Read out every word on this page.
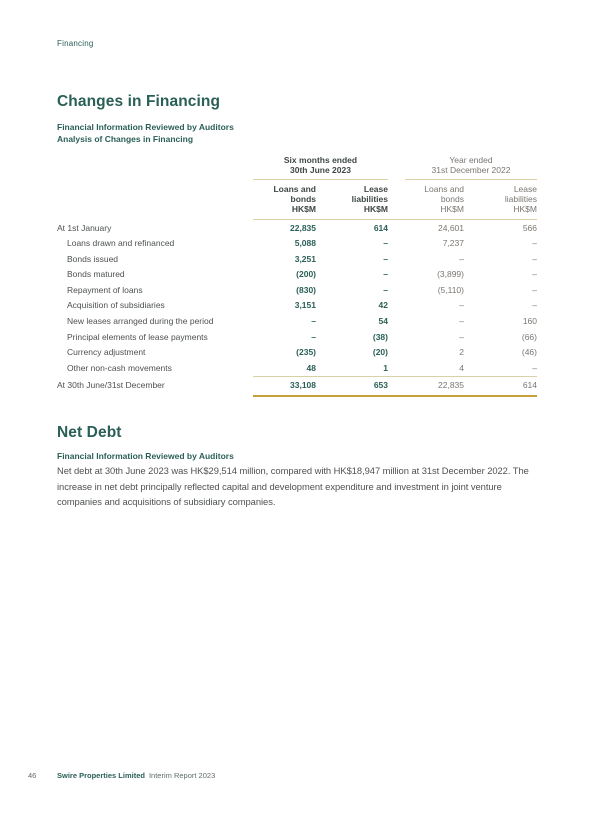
Financing
Changes in Financing
Financial Information Reviewed by Auditors
Analysis of Changes in Financing
Six months ended
30th June 2023
Year ended
31st December 2022
Loans and
bonds
HK$M
Lease
liabilities
HK$M
Loans and
bonds
HK$M
Lease
liabilities
HK$M
At 1st January	22,835	614	24,601	566
Loans drawn and refinanced	5,088	–	7,237	–
Bonds issued	3,251	–	–	–
Bonds matured	(200)	–	(3,899)	–
Repayment of loans	(830)	–	(5,110)	–
Acquisition of subsidiaries	3,151	42	–	–
New leases arranged during the period	–	54	–	160
Principal elements of lease payments	–	(38)	–	(66)
Currency adjustment	(235)	(20)	2	(46)
Other non-cash movements	48	1	4	–
At 30th June/31st December	33,108	653	22,835	614
Net Debt
Financial Information Reviewed by Auditors

Net debt at 30th June 2023 was HK$29,514 million, compared with HK$18,947 million at 31st December 2022. The increase in net debt principally reflected capital and development expenditure and investment in joint venture companies and acquisitions of subsidiary companies.

46	Swire Properties Limited Interim Report 2023
